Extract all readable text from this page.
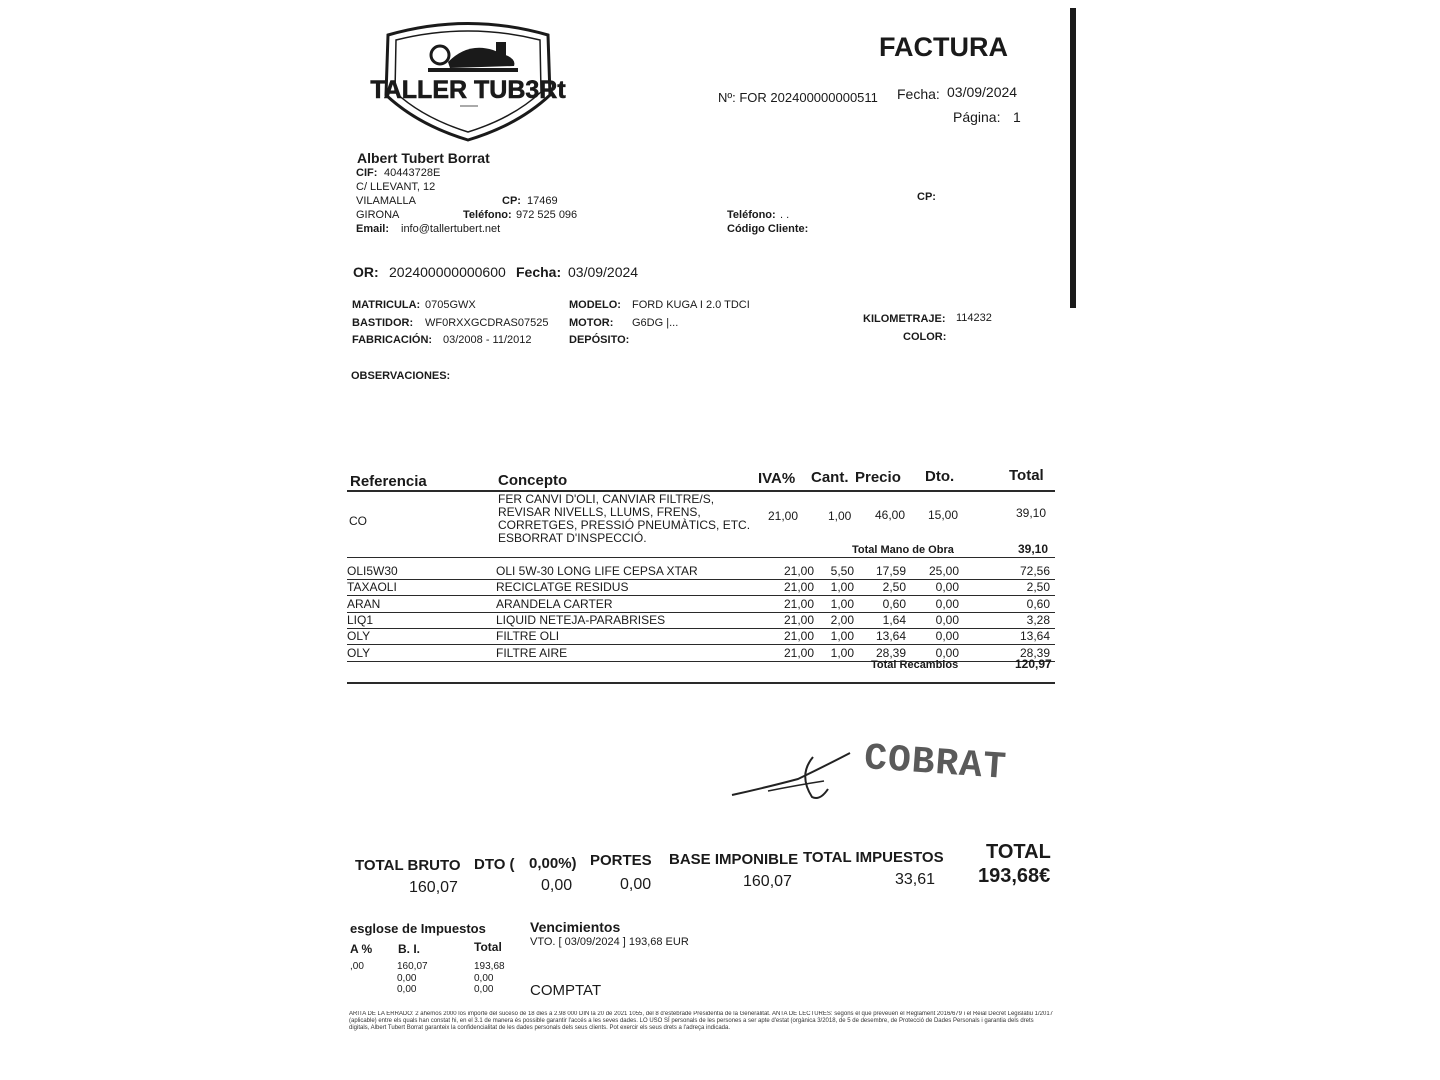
TALLER TUB3Rt
FACTURA
Nº: FOR 202400000000511 Fecha: 03/09/2024
Página: 1
Albert Tubert Borrat
CIF: 40443728E
C/ LLEVANT, 12
VILAMALLA	CP: 17469
GIRONA	Teléfono: 972 525 096
Email: info@tallertubert.net
CP:
Teléfono: . .
Código Cliente:
OR: 202400000000600 Fecha: 03/09/2024
MATRICULA: 0705GWX
BASTIDOR: WF0RXXGCDRAS07525
FABRICACIÓN: 03/2008 - 11/2012
MODELO: FORD KUGA I 2.0 TDCI
MOTOR: G6DG |...
DEPÓSITO:
KILOMETRAJE: 114232
COLOR:
OBSERVACIONES:
Referencia	Concepto	IVA% Cant. Precio Dto.	Total
CO
FER CANVI D'OLI, CANVIAR FILTRE/S,
REVISAR NIVELLS, LLUMS, FRENS,
CORRETGES, PRESSIÓ PNEUMÀTICS, ETC.
ESBORRAT D'INSPECCIÓ.
21,00 1,00 46,00 15,00	39,10
Total Mano de Obra	39,10
OLI5W30	OLI 5W-30 LONG LIFE CEPSA XTAR	21,00	5,50	17,59	25,00	72,56
TAXAOLI	RECICLATGE RESIDUS	21,00	1,00	2,50	0,00	2,50
ARAN	ARANDELA CARTER	21,00	1,00	0,60	0,00	0,60
LIQ1	LIQUID NETEJA-PARABRISES	21,00	2,00	1,64	0,00	3,28
OLY	FILTRE OLI	21,00	1,00	13,64	0,00	13,64
OLY	FILTRE AIRE	21,00	1,00	28,39	0,00	28,39
Total Recambios	120,97
COBRAT
TOTAL BRUTO
160,07
DTO ( 0,00%)
0,00
PORTES
0,00
BASE IMPONIBLE
160,07
TOTAL IMPUESTOS
33,61
TOTAL
193,68€
esglose de Impuestos
A % B. I.	Total
,00	160,07	193,68
0,00	0,00
0,00	0,00
Vencimientos
VTO. [ 03/09/2024 ] 193,68 EUR
COMPTAT
ARITA DE LA ERRADO: 2 ahemos 2000 los importe del suceso de 18 dies a 2.98 000 DIN la 20 de 2021 1055, del 8 d'estebrade Presidentia de la Generalitat. ANTA DE LECTURES: segons el que preveuen el Reglament 2016/679 i el Reial Decret Legislatiu 1/2017 (aplicable) entre els quals han constat hi, en el 3.1 de manera és possible garantir l'accés a les seves dades. LO USO SÍ personals de les persones a ser apte d'estat (orgànica 3/2018, de 5 de desembre, de Protecció de Dades Personals i garantia dels drets digitals, Albert Tubert Borrat garanteix la confidencialitat de les dades personals dels seus clients. Pot exercir els seus drets a l'adreça indicada.
